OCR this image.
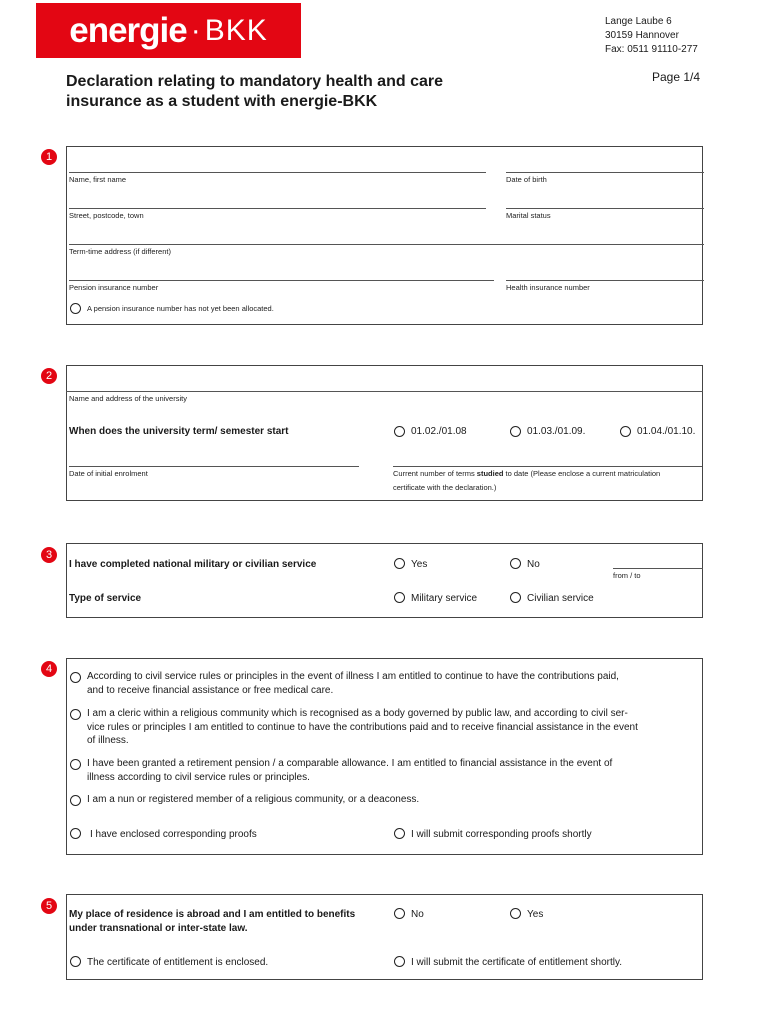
energie · BKK	Lange Laube 6
30159 Hannover
Fax: 0511 91110-277
Page 1/4
Declaration relating to mandatory health and care
insurance as a student with energie-BKK
1
Name, first name	Date of birth
Street, postcode, town	Marital status
Term-time address (if different)
Pension insurance number	Health insurance number
A pension insurance number has not yet been allocated.
2
Name and address of the university
When does the university term/ semester start	01.02./01.08	01.03./01.09.	01.04./01.10.
Date of initial enrolment	Current number of terms studied to date (Please enclose a current matriculation
certificate with the declaration.)
3
I have completed national military or civilian service	Yes	No
from / to
Type of service	Military service	Civilian service
4
According to civil service rules or principles in the event of illness I am entitled to continue to have the contributions paid,
and to receive financial assistance or free medical care.
I am a cleric within a religious community which is recognised as a body governed by public law, and according to civil ser-
vice rules or principles I am entitled to continue to have the contributions paid and to receive financial assistance in the event
of illness.
I have been granted a retirement pension / a comparable allowance. I am entitled to financial assistance in the event of
illness according to civil service rules or principles.
I am a nun or registered member of a religious community, or a deaconess.
I have enclosed corresponding proofs	I will submit corresponding proofs shortly
5
My place of residence is abroad and I am entitled to benefits
under transnational or inter-state law.
No	Yes
The certificate of entitlement is enclosed.	I will submit the certificate of entitlement shortly.
